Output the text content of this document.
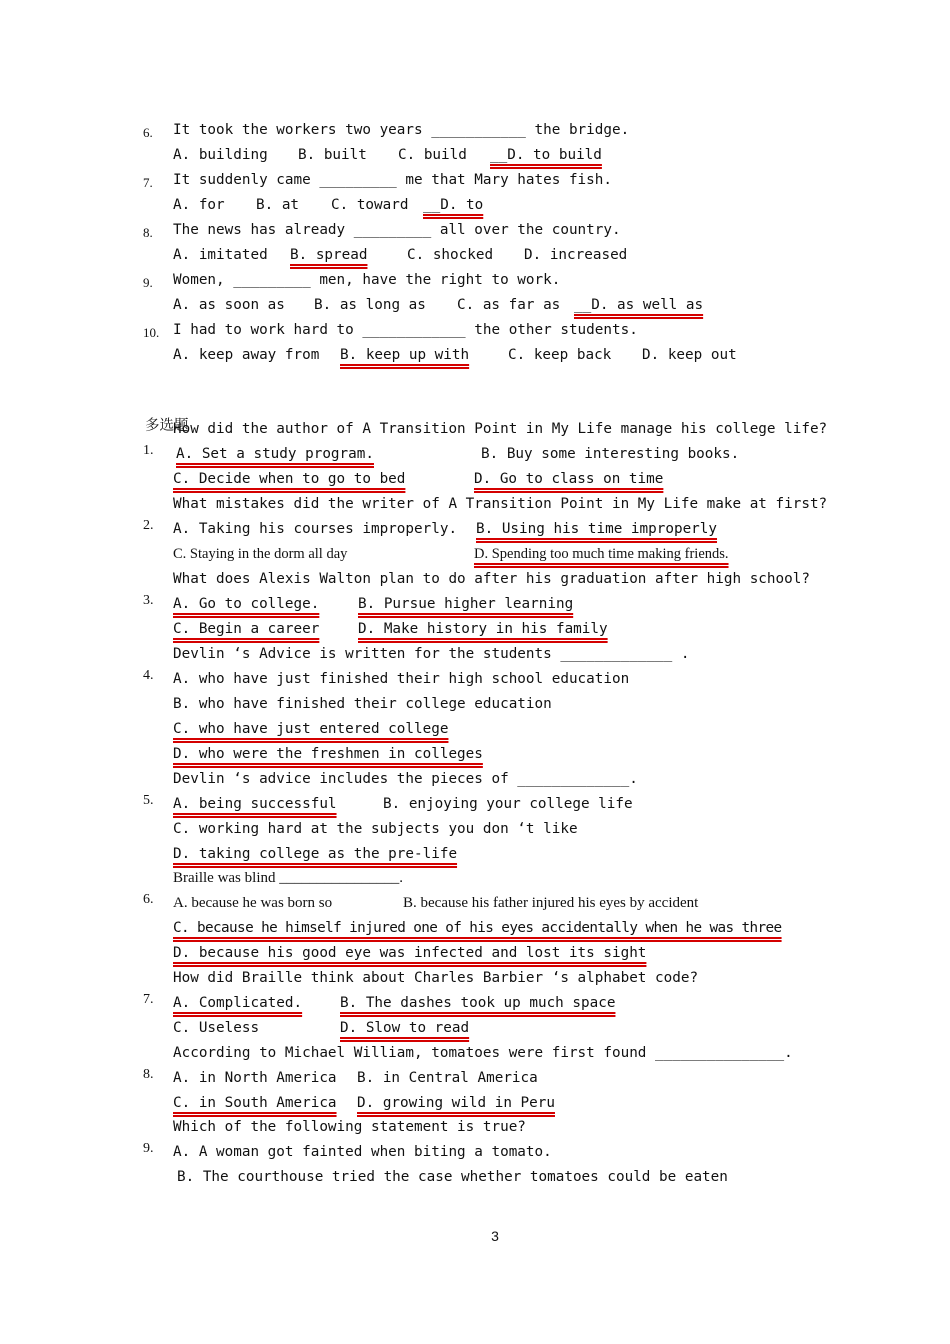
6.

It took the workers two years ___________ the bridge.

A. building

B. built

C. build

__D. to build

7.

It suddenly came _________ me that Mary hates fish.

A. for

B. at

C. toward

__D. to

8.

The news has already _________ all over the country.

A. imitated

B. spread

	C. shocked

D. increased

9.

Women, _________ men, have the right to work.

A. as soon as

B. as long as

C. as far as

__D. as well as

10.

I had to work hard to ____________ the other students.

A. keep away from

B. keep up with

	C. keep back

D. keep out

多选题

1.

How did the author of A Transition Point in My Life manage his college life?

A. Set a study program.

	B. Buy some interesting books.

C. Decide when to go to bed

	D. Go to class on time

2.

What mistakes did the writer of A Transition Point in My Life make at first?

A. Taking his courses improperly.

B. Using his time improperly

C. Staying in the dorm all day

	D. Spending too much time making friends.

3.

What does Alexis Walton plan to do after his graduation after high school?

A. Go to college.

	B. Pursue higher learning

C. Begin a career

	D. Make history in his family

4.

Devlin ‘s Advice is written for the students _____________ .

A. who have just finished their high school education

B. who have finished their college education

C. who have just entered college

D. who were the freshmen in colleges

5.

Devlin ‘s advice includes the pieces of _____________.

A. being successful

	B. enjoying your college life

C. working hard at the subjects you don ‘t like

D. taking college as the pre-life

6.

Braille was blind ________________.

A. because he was born so

	B. because his father injured his eyes by accident

C. because he himself injured one of his eyes accidentally when he was three

D. because his good eye was infected and lost its sight

7.

How did Braille think about Charles Barbier ‘s alphabet code?

A. Complicated.

	B. The dashes took up much space

C. Useless

	D. Slow to read

8.

According to Michael William, tomatoes were first found _______________.

A. in North America

B. in Central America

C. in South America

D. growing wild in Peru

9.

Which of the following statement is true?

A. A woman got fainted when biting a tomato.

B. The courthouse tried the case whether tomatoes could be eaten

3
